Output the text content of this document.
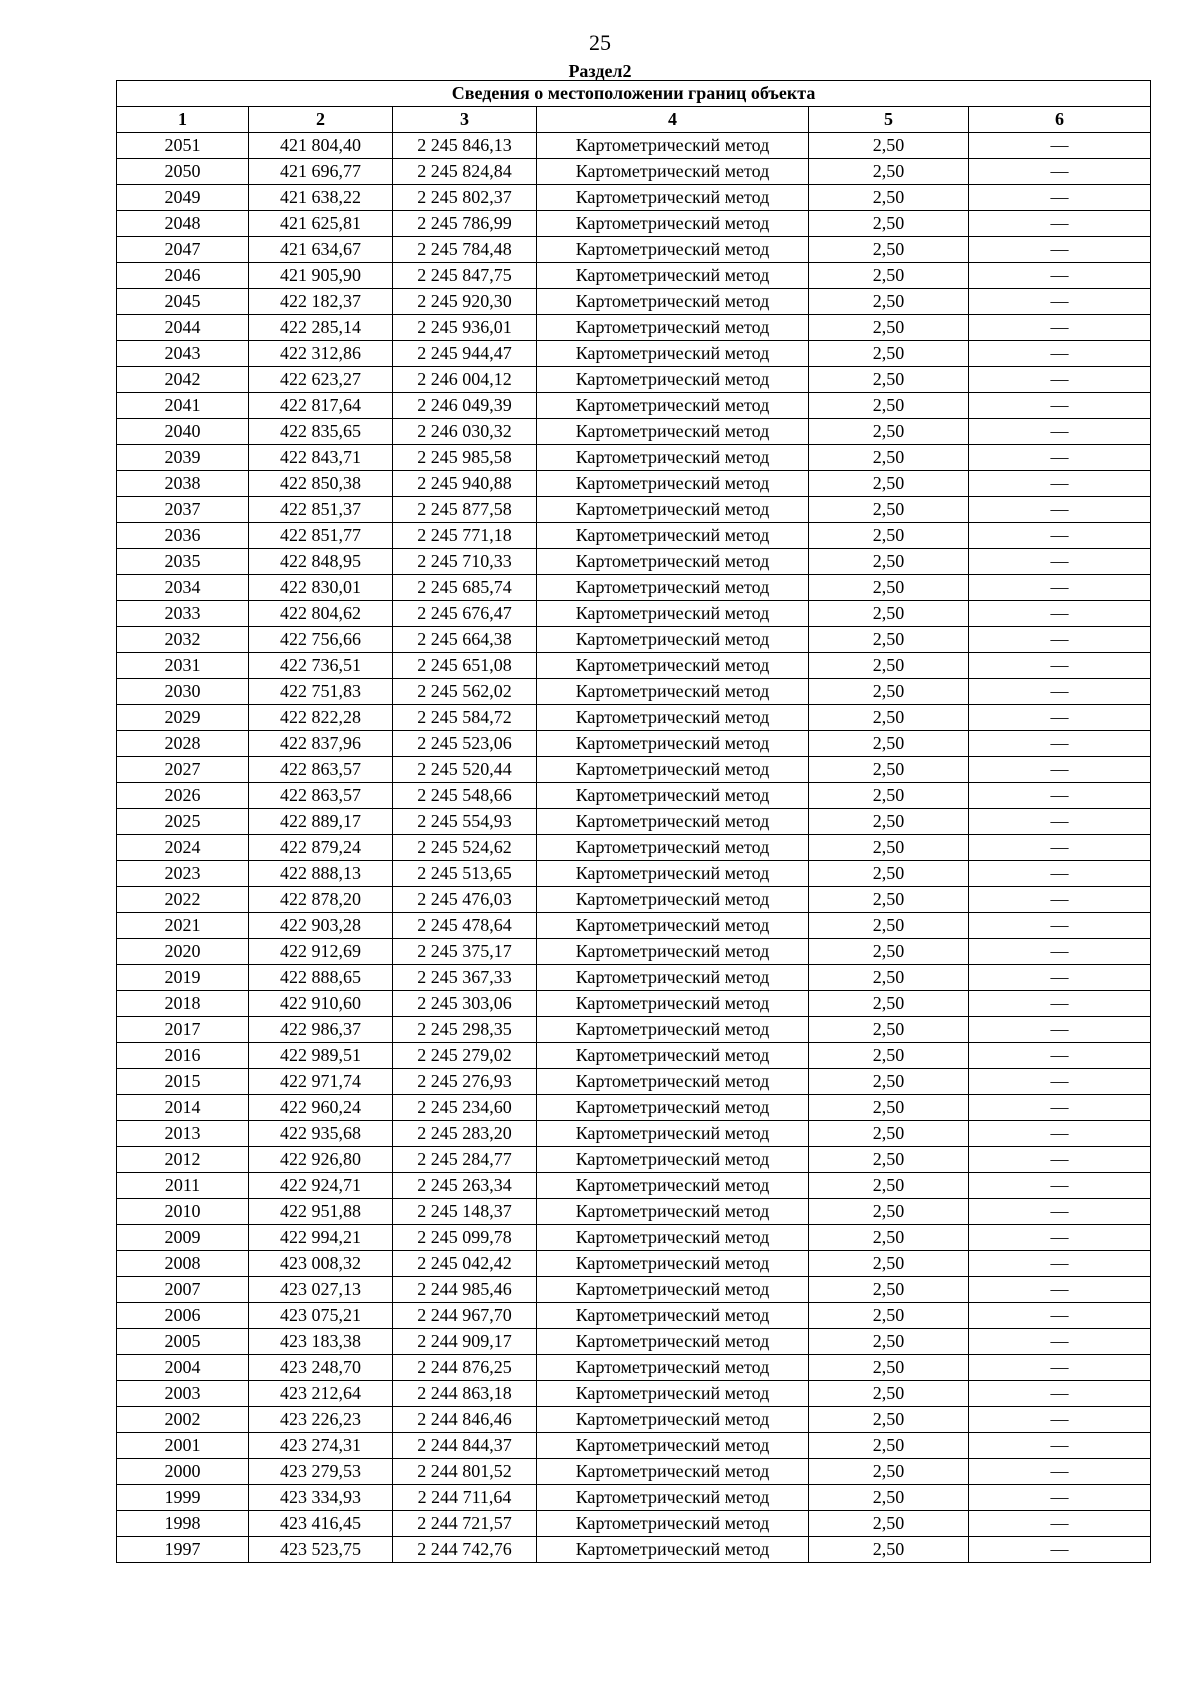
25
Раздел2
Сведения о местоположении границ объекта					
1	2	3	4	5	6
2051	421 804,40	2 245 846,13	Картометрический метод	2,50	—
2050	421 696,77	2 245 824,84	Картометрический метод	2,50	—
2049	421 638,22	2 245 802,37	Картометрический метод	2,50	—
2048	421 625,81	2 245 786,99	Картометрический метод	2,50	—
2047	421 634,67	2 245 784,48	Картометрический метод	2,50	—
2046	421 905,90	2 245 847,75	Картометрический метод	2,50	—
2045	422 182,37	2 245 920,30	Картометрический метод	2,50	—
2044	422 285,14	2 245 936,01	Картометрический метод	2,50	—
2043	422 312,86	2 245 944,47	Картометрический метод	2,50	—
2042	422 623,27	2 246 004,12	Картометрический метод	2,50	—
2041	422 817,64	2 246 049,39	Картометрический метод	2,50	—
2040	422 835,65	2 246 030,32	Картометрический метод	2,50	—
2039	422 843,71	2 245 985,58	Картометрический метод	2,50	—
2038	422 850,38	2 245 940,88	Картометрический метод	2,50	—
2037	422 851,37	2 245 877,58	Картометрический метод	2,50	—
2036	422 851,77	2 245 771,18	Картометрический метод	2,50	—
2035	422 848,95	2 245 710,33	Картометрический метод	2,50	—
2034	422 830,01	2 245 685,74	Картометрический метод	2,50	—
2033	422 804,62	2 245 676,47	Картометрический метод	2,50	—
2032	422 756,66	2 245 664,38	Картометрический метод	2,50	—
2031	422 736,51	2 245 651,08	Картометрический метод	2,50	—
2030	422 751,83	2 245 562,02	Картометрический метод	2,50	—
2029	422 822,28	2 245 584,72	Картометрический метод	2,50	—
2028	422 837,96	2 245 523,06	Картометрический метод	2,50	—
2027	422 863,57	2 245 520,44	Картометрический метод	2,50	—
2026	422 863,57	2 245 548,66	Картометрический метод	2,50	—
2025	422 889,17	2 245 554,93	Картометрический метод	2,50	—
2024	422 879,24	2 245 524,62	Картометрический метод	2,50	—
2023	422 888,13	2 245 513,65	Картометрический метод	2,50	—
2022	422 878,20	2 245 476,03	Картометрический метод	2,50	—
2021	422 903,28	2 245 478,64	Картометрический метод	2,50	—
2020	422 912,69	2 245 375,17	Картометрический метод	2,50	—
2019	422 888,65	2 245 367,33	Картометрический метод	2,50	—
2018	422 910,60	2 245 303,06	Картометрический метод	2,50	—
2017	422 986,37	2 245 298,35	Картометрический метод	2,50	—
2016	422 989,51	2 245 279,02	Картометрический метод	2,50	—
2015	422 971,74	2 245 276,93	Картометрический метод	2,50	—
2014	422 960,24	2 245 234,60	Картометрический метод	2,50	—
2013	422 935,68	2 245 283,20	Картометрический метод	2,50	—
2012	422 926,80	2 245 284,77	Картометрический метод	2,50	—
2011	422 924,71	2 245 263,34	Картометрический метод	2,50	—
2010	422 951,88	2 245 148,37	Картометрический метод	2,50	—
2009	422 994,21	2 245 099,78	Картометрический метод	2,50	—
2008	423 008,32	2 245 042,42	Картометрический метод	2,50	—
2007	423 027,13	2 244 985,46	Картометрический метод	2,50	—
2006	423 075,21	2 244 967,70	Картометрический метод	2,50	—
2005	423 183,38	2 244 909,17	Картометрический метод	2,50	—
2004	423 248,70	2 244 876,25	Картометрический метод	2,50	—
2003	423 212,64	2 244 863,18	Картометрический метод	2,50	—
2002	423 226,23	2 244 846,46	Картометрический метод	2,50	—
2001	423 274,31	2 244 844,37	Картометрический метод	2,50	—
2000	423 279,53	2 244 801,52	Картометрический метод	2,50	—
1999	423 334,93	2 244 711,64	Картометрический метод	2,50	—
1998	423 416,45	2 244 721,57	Картометрический метод	2,50	—
1997	423 523,75	2 244 742,76	Картометрический метод	2,50	—
